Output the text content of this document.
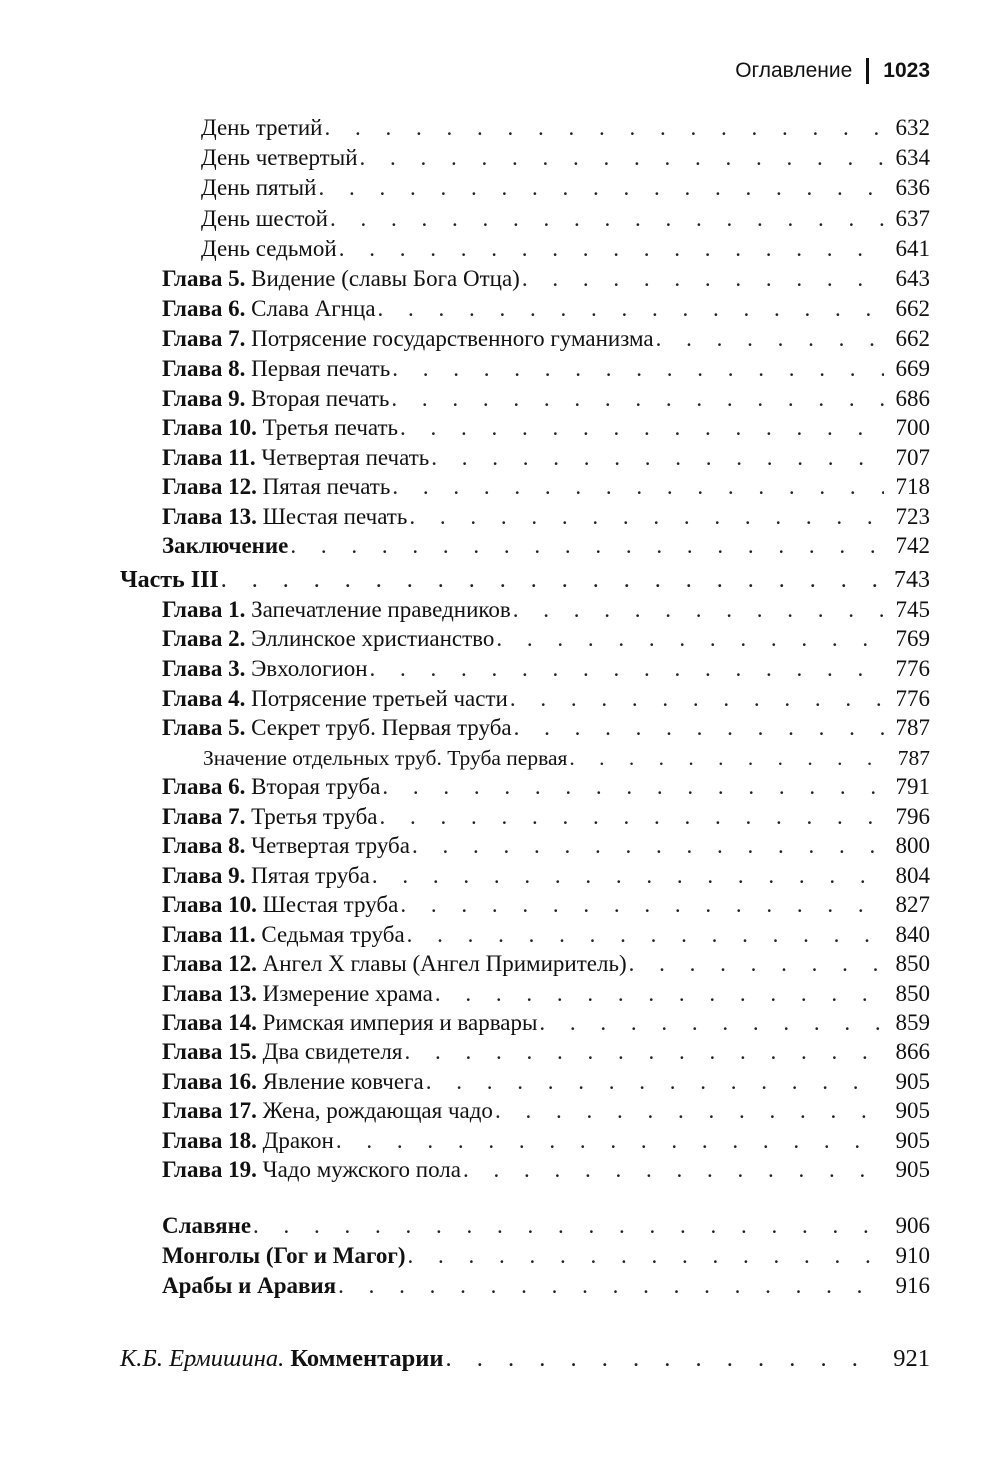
Оглавление 1023
День третий . . .	632
День четвертый . . .	634
День пятый . . .	636
День шестой . . .	637
День седьмой . . .	641
Глава 5. Видение (славы Бога Отца) . . .	643
Глава 6. Слава Агнца . . .	662
Глава 7. Потрясение государственного гуманизма . . .	662
Глава 8. Первая печать . . .	669
Глава 9. Вторая печать . . .	686
Глава 10. Третья печать . . .	700
Глава 11. Четвертая печать . . .	707
Глава 12. Пятая печать . . .	718
Глава 13. Шестая печать . . .	723
Заключение . . .	742
Часть III . . .	743
Глава 1. Запечатление праведников . . .	745
Глава 2. Эллинское христианство . . .	769
Глава 3. Эвхологион . . .	776
Глава 4. Потрясение третьей части . . .	776
Глава 5. Секрет труб. Первая труба . . .	787
Значение отдельных труб. Труба первая . . .	787
Глава 6. Вторая труба . . .	791
Глава 7. Третья труба . . .	796
Глава 8. Четвертая труба . . .	800
Глава 9. Пятая труба . . .	804
Глава 10. Шестая труба . . .	827
Глава 11. Седьмая труба . . .	840
Глава 12. Ангел X главы (Ангел Примиритель) . . .	850
Глава 13. Измерение храма . . .	850
Глава 14. Римская империя и варвары . . .	859
Глава 15. Два свидетеля . . .	866
Глава 16. Явление ковчега . . .	905
Глава 17. Жена, рождающая чадо . . .	905
Глава 18. Дракон . . .	905
Глава 19. Чадо мужского пола . . .	905
Славяне . . .	906
Монголы (Гог и Магог) . . .	910
Арабы и Аравия . . .	916
К.Б. Ермишина. Комментарии . . .	921
